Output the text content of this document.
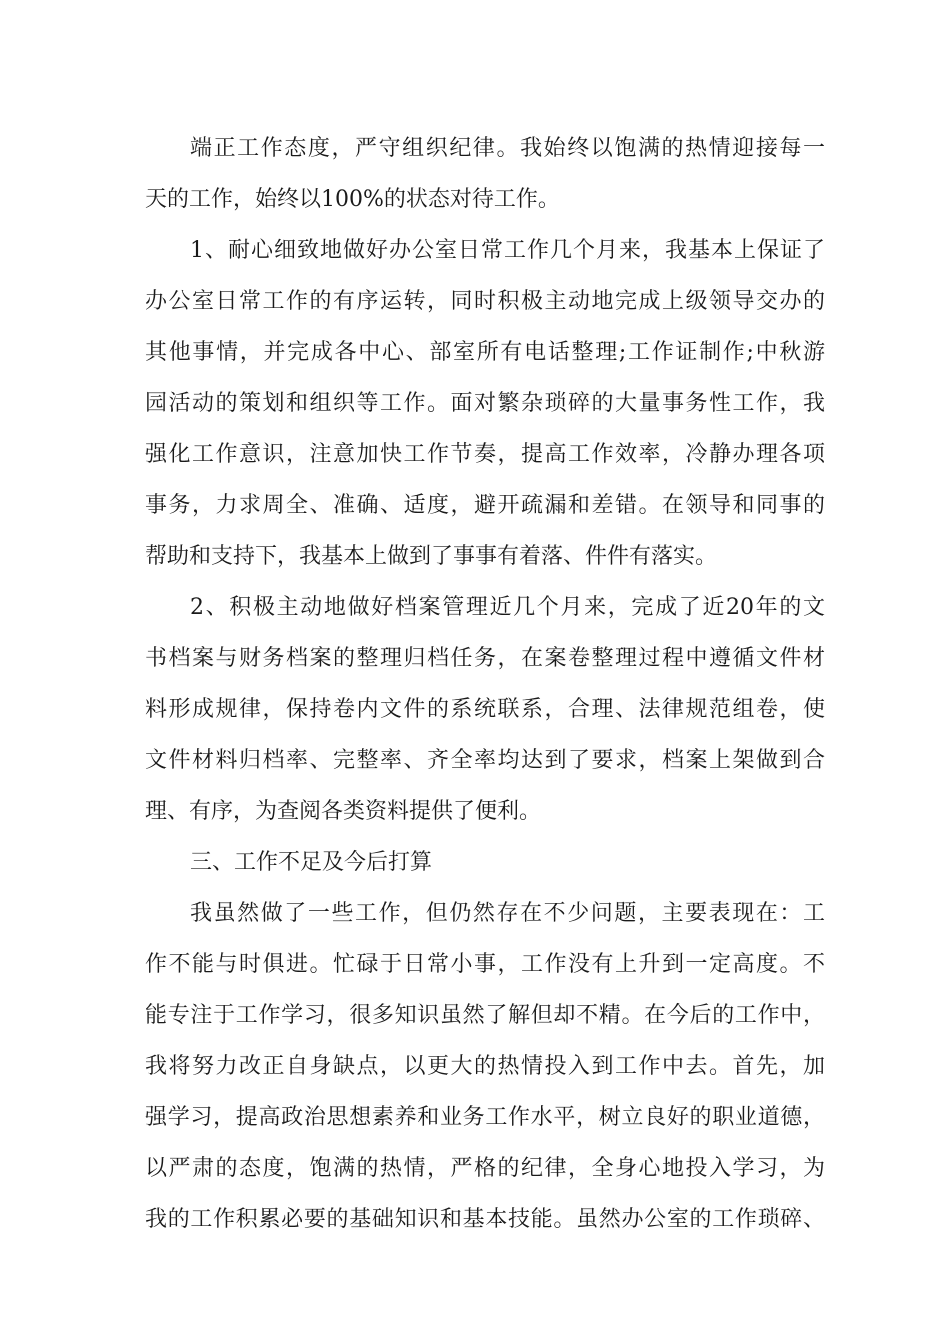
端正工作态度，严守组织纪律。我始终以饱满的热情迎接每一
天的工作，始终以100%的状态对待工作。
1、耐心细致地做好办公室日常工作几个月来，我基本上保证了
办公室日常工作的有序运转，同时积极主动地完成上级领导交办的
其他事情，并完成各中心、部室所有电话整理;工作证制作;中秋游
园活动的策划和组织等工作。面对繁杂琐碎的大量事务性工作，我
强化工作意识，注意加快工作节奏，提高工作效率，冷静办理各项
事务，力求周全、准确、适度，避开疏漏和差错。在领导和同事的
帮助和支持下，我基本上做到了事事有着落、件件有落实。
2、积极主动地做好档案管理近几个月来，完成了近20年的文
书档案与财务档案的整理归档任务，在案卷整理过程中遵循文件材
料形成规律，保持卷内文件的系统联系，合理、法律规范组卷，使
文件材料归档率、完整率、齐全率均达到了要求，档案上架做到合
理、有序，为查阅各类资料提供了便利。
三、工作不足及今后打算
我虽然做了一些工作，但仍然存在不少问题，主要表现在：工
作不能与时俱进。忙碌于日常小事，工作没有上升到一定高度。不
能专注于工作学习，很多知识虽然了解但却不精。在今后的工作中，
我将努力改正自身缺点，以更大的热情投入到工作中去。首先，加
强学习，提高政治思想素养和业务工作水平，树立良好的职业道德，
以严肃的态度，饱满的热情，严格的纪律，全身心地投入学习，为
我的工作积累必要的基础知识和基本技能。虽然办公室的工作琐碎、
